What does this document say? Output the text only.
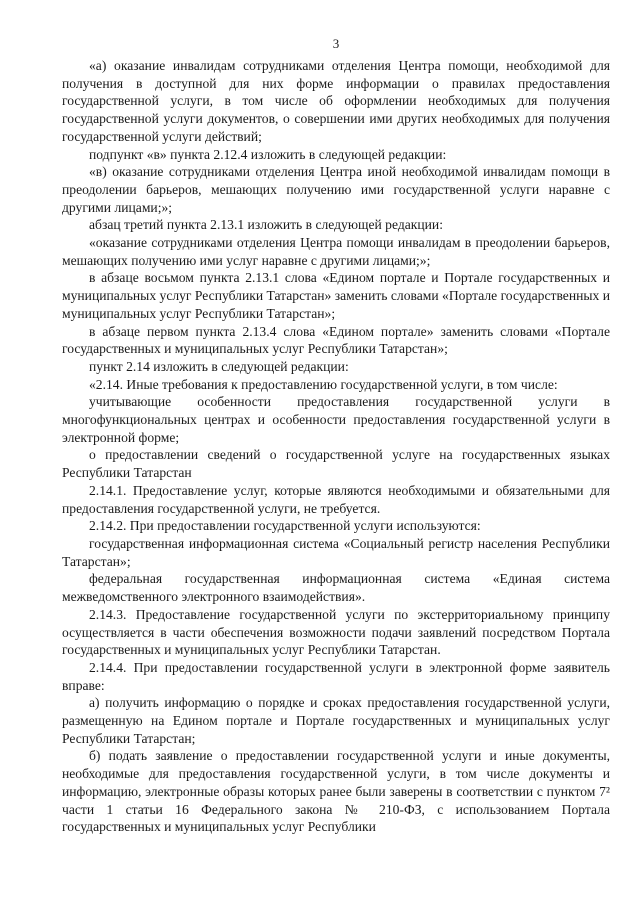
3

«а) оказание инвалидам сотрудниками отделения Центра помощи, необходимой для получения в доступной для них форме информации о правилах предоставления государственной услуги, в том числе об оформлении необходимых для получения государственной услуги документов, о совершении ими других необходимых для получения государственной услуги действий;

подпункт «в» пункта 2.12.4 изложить в следующей редакции:

«в) оказание сотрудниками отделения Центра иной необходимой инвалидам помощи в преодолении барьеров, мешающих получению ими государственной услуги наравне с другими лицами;»;

абзац третий пункта 2.13.1 изложить в следующей редакции:

«оказание сотрудниками отделения Центра помощи инвалидам в преодолении барьеров, мешающих получению ими услуг наравне с другими лицами;»;

в абзаце восьмом пункта 2.13.1 слова «Едином портале и Портале государственных и муниципальных услуг Республики Татарстан» заменить словами «Портале государственных и муниципальных услуг Республики Татарстан»;

в абзаце первом пункта 2.13.4 слова «Едином портале» заменить словами «Портале государственных и муниципальных услуг Республики Татарстан»;

пункт 2.14 изложить в следующей редакции:

«2.14. Иные требования к предоставлению государственной услуги, в том числе:

учитывающие особенности предоставления государственной услуги в многофункциональных центрах и особенности предоставления государственной услуги в электронной форме;

о предоставлении сведений о государственной услуге на государственных языках Республики Татарстан

2.14.1. Предоставление услуг, которые являются необходимыми и обязательными для предоставления государственной услуги, не требуется.

2.14.2. При предоставлении государственной услуги используются:

государственная информационная система «Социальный регистр населения Республики Татарстан»;

федеральная государственная информационная система «Единая система межведомственного электронного взаимодействия».

2.14.3. Предоставление государственной услуги по экстерриториальному принципу осуществляется в части обеспечения возможности подачи заявлений посредством Портала государственных и муниципальных услуг Республики Татарстан.

2.14.4. При предоставлении государственной услуги в электронной форме заявитель вправе:

а) получить информацию о порядке и сроках предоставления государственной услуги, размещенную на Едином портале и Портале государственных и муниципальных услуг Республики Татарстан;

б) подать заявление о предоставлении государственной услуги и иные документы, необходимые для предоставления государственной услуги, в том числе документы и информацию, электронные образы которых ранее были заверены в соответствии с пунктом 7² части 1 статьи 16 Федерального закона № 210-ФЗ, с использованием Портала государственных и муниципальных услуг Республики
